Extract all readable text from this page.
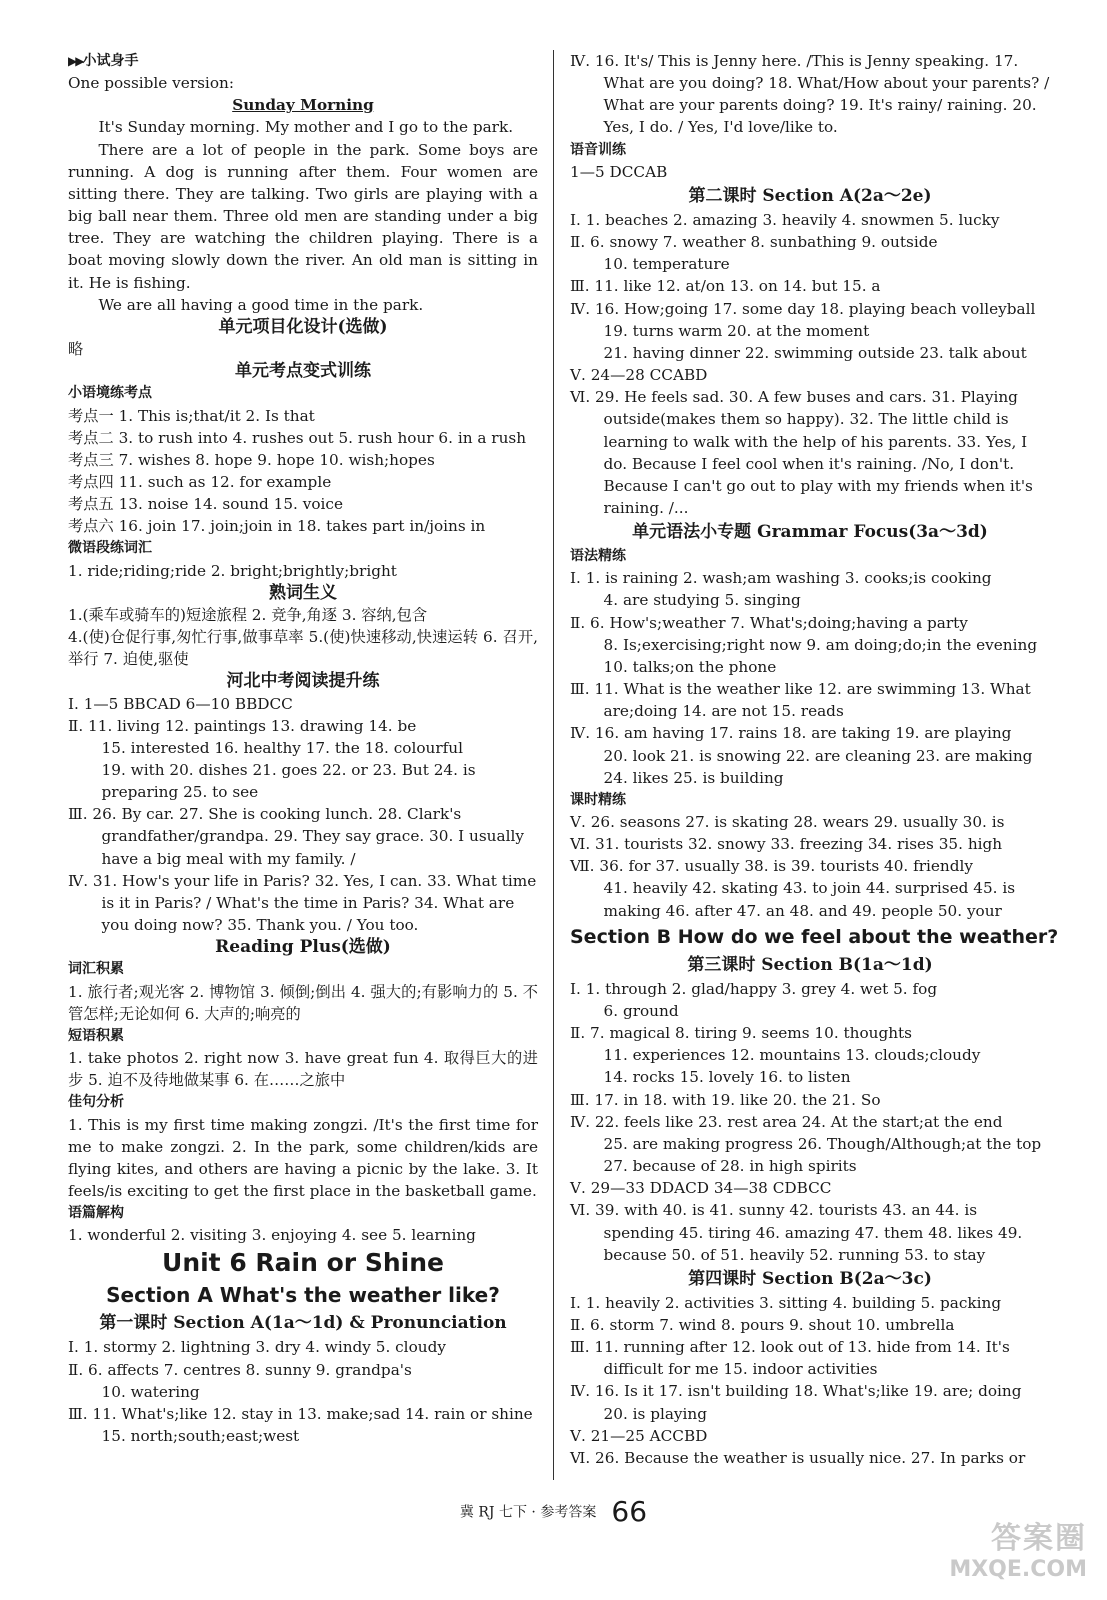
▶▶小试身手
One possible version:
Sunday Morning
It's Sunday morning. My mother and I go to the park.
There are a lot of people in the park. Some boys are running. A dog is running after them. Four women are sitting there. They are talking. Two girls are playing with a big ball near them. Three old men are standing under a big tree. They are watching the children playing. There is a boat moving slowly down the river. An old man is sitting in it. He is fishing.
We are all having a good time in the park.
单元项目化设计(选做)
略
单元考点变式训练
小语境练考点
考点一 1. This is;that/it 2. Is that
考点二 3. to rush into 4. rushes out 5. rush hour 6. in a rush
考点三 7. wishes 8. hope 9. hope 10. wish;hopes
考点四 11. such as 12. for example
考点五 13. noise 14. sound 15. voice
考点六 16. join 17. join;join in 18. takes part in/joins in
微语段练词汇
1. ride;riding;ride 2. bright;brightly;bright
熟词生义
1.(乘车或骑车的)短途旅程 2. 竞争,角逐 3. 容纳,包含
4.(使)仓促行事,匆忙行事,做事草率 5.(使)快速移动,快速运转 6. 召开,举行 7. 迫使,驱使
河北中考阅读提升练
Ⅰ. 1—5 BBCAD 6—10 BBDCC
Ⅱ. 11. living 12. paintings 13. drawing 14. be
15. interested 16. healthy 17. the 18. colourful
19. with 20. dishes 21. goes 22. or 23. But 24. is preparing 25. to see
Ⅲ. 26. By car. 27. She is cooking lunch. 28. Clark's grandfather/grandpa. 29. They say grace. 30. I usually have a big meal with my family. /
Ⅳ. 31. How's your life in Paris? 32. Yes, I can. 33. What time is it in Paris? / What's the time in Paris? 34. What are you doing now? 35. Thank you. / You too.
Reading Plus(选做)
词汇积累
1. 旅行者;观光客 2. 博物馆 3. 倾倒;倒出 4. 强大的;有影响力的 5. 不管怎样;无论如何 6. 大声的;响亮的
短语积累
1. take photos 2. right now 3. have great fun 4. 取得巨大的进步 5. 迫不及待地做某事 6. 在……之旅中
佳句分析
1. This is my first time making zongzi. /It's the first time for me to make zongzi. 2. In the park, some children/kids are flying kites, and others are having a picnic by the lake. 3. It feels/is exciting to get the first place in the basketball game.
语篇解构
1. wonderful 2. visiting 3. enjoying 4. see 5. learning
Unit 6 Rain or Shine
Section A What's the weather like?
第一课时 Section A(1a～1d) & Pronunciation
Ⅰ. 1. stormy 2. lightning 3. dry 4. windy 5. cloudy
Ⅱ. 6. affects 7. centres 8. sunny 9. grandpa's
10. watering
Ⅲ. 11. What's;like 12. stay in 13. make;sad 14. rain or shine 15. north;south;east;west
Ⅳ. 16. It's/ This is Jenny here. /This is Jenny speaking. 17. What are you doing? 18. What/How about your parents? / What are your parents doing? 19. It's rainy/ raining. 20. Yes, I do. / Yes, I'd love/like to.
语音训练
1—5 DCCAB
第二课时 Section A(2a～2e)
Ⅰ. 1. beaches 2. amazing 3. heavily 4. snowmen 5. lucky
Ⅱ. 6. snowy 7. weather 8. sunbathing 9. outside
10. temperature
Ⅲ. 11. like 12. at/on 13. on 14. but 15. a
Ⅳ. 16. How;going 17. some day 18. playing beach volleyball 19. turns warm 20. at the moment
21. having dinner 22. swimming outside 23. talk about
Ⅴ. 24—28 CCABD
Ⅵ. 29. He feels sad. 30. A few buses and cars. 31. Playing outside(makes them so happy). 32. The little child is learning to walk with the help of his parents. 33. Yes, I do. Because I feel cool when it's raining. /No, I don't. Because I can't go out to play with my friends when it's raining. /...
单元语法小专题 Grammar Focus(3a～3d)
语法精练
Ⅰ. 1. is raining 2. wash;am washing 3. cooks;is cooking
4. are studying 5. singing
Ⅱ. 6. How's;weather 7. What's;doing;having a party
8. Is;exercising;right now 9. am doing;do;in the evening
10. talks;on the phone
Ⅲ. 11. What is the weather like 12. are swimming 13. What are;doing 14. are not 15. reads
Ⅳ. 16. am having 17. rains 18. are taking 19. are playing
20. look 21. is snowing 22. are cleaning 23. are making
24. likes 25. is building
课时精练
Ⅴ. 26. seasons 27. is skating 28. wears 29. usually 30. is
Ⅵ. 31. tourists 32. snowy 33. freezing 34. rises 35. high
Ⅶ. 36. for 37. usually 38. is 39. tourists 40. friendly
41. heavily 42. skating 43. to join 44. surprised 45. is making 46. after 47. an 48. and 49. people 50. your
Section B How do we feel about the weather?
第三课时 Section B(1a～1d)
Ⅰ. 1. through 2. glad/happy 3. grey 4. wet 5. fog
6. ground
Ⅱ. 7. magical 8. tiring 9. seems 10. thoughts
11. experiences 12. mountains 13. clouds;cloudy
14. rocks 15. lovely 16. to listen
Ⅲ. 17. in 18. with 19. like 20. the 21. So
Ⅳ. 22. feels like 23. rest area 24. At the start;at the end
25. are making progress 26. Though/Although;at the top
27. because of 28. in high spirits
Ⅴ. 29—33 DDACD 34—38 CDBCC
Ⅵ. 39. with 40. is 41. sunny 42. tourists 43. an 44. is spending 45. tiring 46. amazing 47. them 48. likes 49. because 50. of 51. heavily 52. running 53. to stay
第四课时 Section B(2a～3c)
Ⅰ. 1. heavily 2. activities 3. sitting 4. building 5. packing
Ⅱ. 6. storm 7. wind 8. pours 9. shout 10. umbrella
Ⅲ. 11. running after 12. look out of 13. hide from 14. It's difficult for me 15. indoor activities
Ⅳ. 16. Is it 17. isn't building 18. What's;like 19. are; doing 20. is playing
Ⅴ. 21—25 ACCBD
Ⅵ. 26. Because the weather is usually nice. 27. In parks or
冀 RJ 七下 · 参考答案 66
答案圈
MXQE.COM
